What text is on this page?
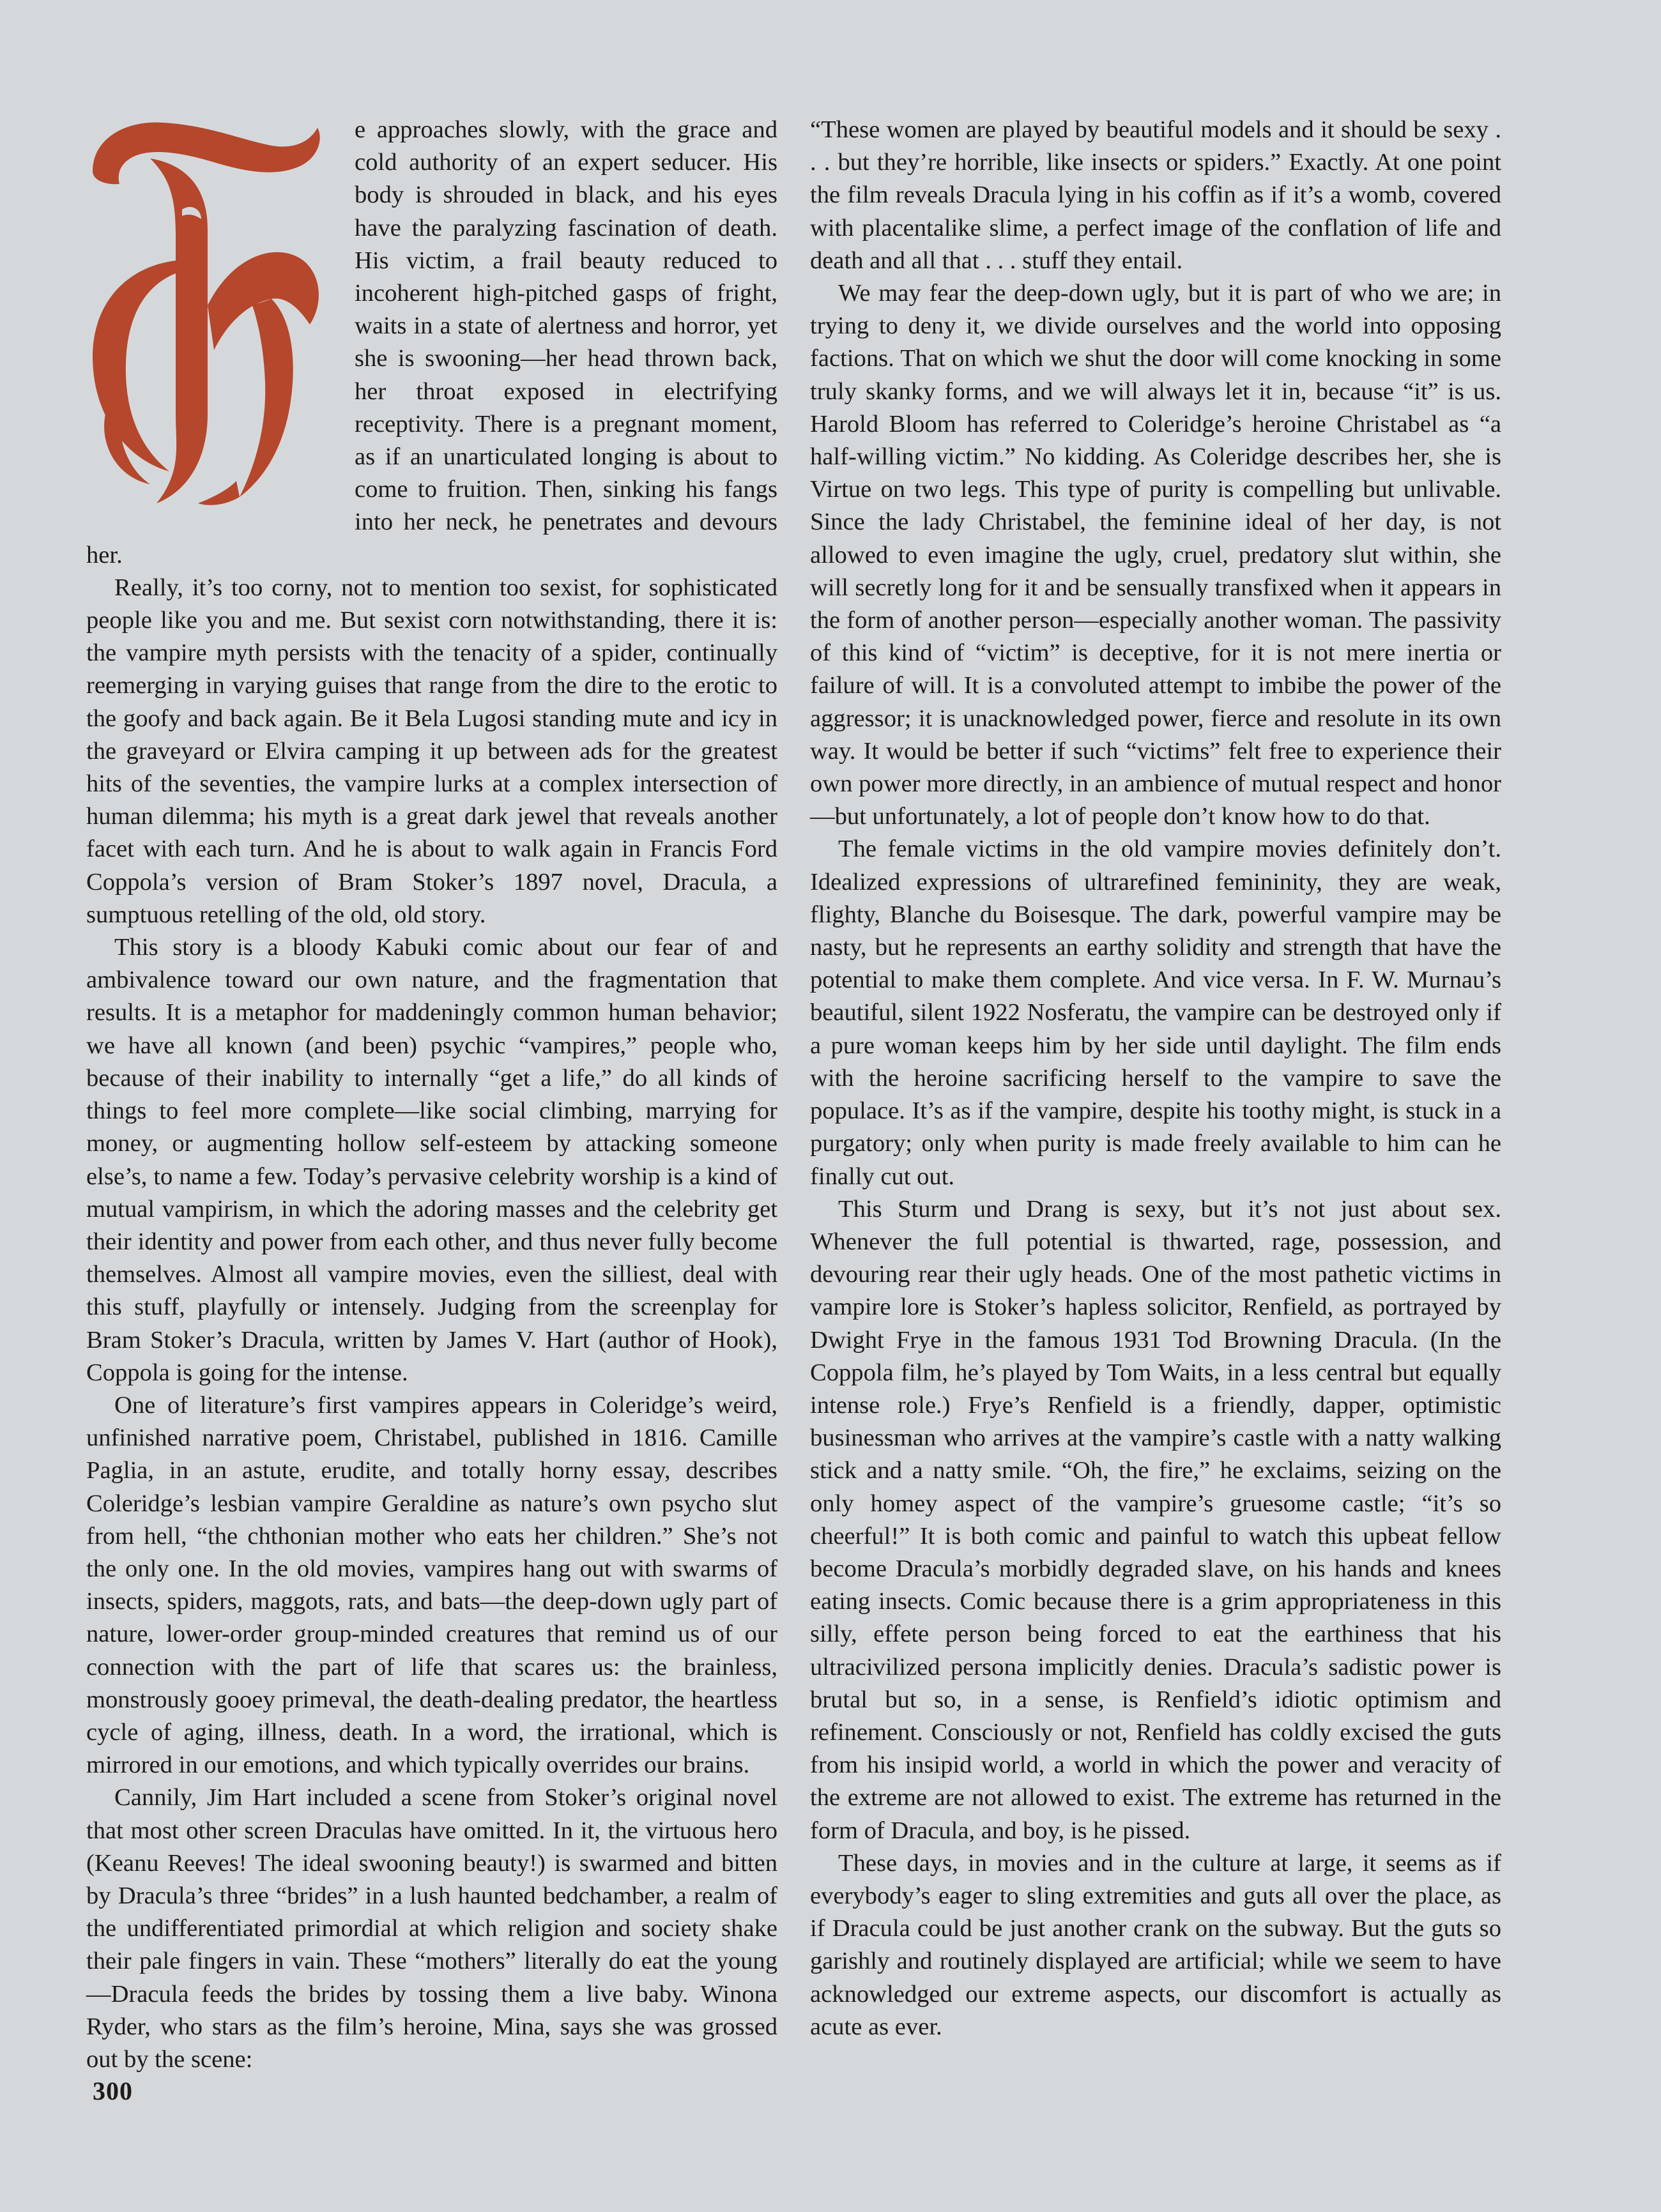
e approaches slowly, with the grace and cold authority of an expert seducer. His body is shrouded in black, and his eyes have the paralyzing fascination of death. His victim, a frail beauty reduced to incoherent high-pitched gasps of fright, waits in a state of alertness and horror, yet she is swooning—her head thrown back, her throat exposed in electrifying receptivity. There is a pregnant moment, as if an unarticulated longing is about to come to fruition. Then, sinking his fangs into her neck, he penetrates and devours her.

Really, it’s too corny, not to mention too sexist, for sophisticated people like you and me. But sexist corn notwithstanding, there it is: the vampire myth persists with the tenacity of a spider, continually reemerging in varying guises that range from the dire to the erotic to the goofy and back again. Be it Bela Lugosi standing mute and icy in the graveyard or Elvira camping it up between ads for the greatest hits of the seventies, the vampire lurks at a complex intersection of human dilemma; his myth is a great dark jewel that reveals another facet with each turn. And he is about to walk again in Francis Ford Coppola’s version of Bram Stoker’s 1897 novel, Dracula, a sumptuous retelling of the old, old story.

This story is a bloody Kabuki comic about our fear of and ambivalence toward our own nature, and the fragmentation that results. It is a metaphor for maddeningly common human behavior; we have all known (and been) psychic “vampires,” people who, because of their inability to internally “get a life,” do all kinds of things to feel more complete—like social climbing, marrying for money, or augmenting hollow self-esteem by attacking someone else’s, to name a few. Today’s pervasive celebrity worship is a kind of mutual vampirism, in which the adoring masses and the celebrity get their identity and power from each other, and thus never fully become themselves. Almost all vampire movies, even the silliest, deal with this stuff, playfully or intensely. Judging from the screenplay for Bram Stoker’s Dracula, written by James V. Hart (author of Hook), Coppola is going for the intense.

One of literature’s first vampires appears in Coleridge’s weird, unfinished narrative poem, Christabel, published in 1816. Camille Paglia, in an astute, erudite, and totally horny essay, describes Coleridge’s lesbian vampire Geraldine as nature’s own psycho slut from hell, “the chthonian mother who eats her children.” She’s not the only one. In the old movies, vampires hang out with swarms of insects, spiders, maggots, rats, and bats—the deep-down ugly part of nature, lower-order group-minded creatures that remind us of our connection with the part of life that scares us: the brainless, monstrously gooey primeval, the death-dealing predator, the heartless cycle of aging, illness, death. In a word, the irrational, which is mirrored in our emotions, and which typically overrides our brains.

Cannily, Jim Hart included a scene from Stoker’s original novel that most other screen Draculas have omitted. In it, the virtuous hero (Keanu Reeves! The ideal swooning beauty!) is swarmed and bitten by Dracula’s three “brides” in a lush haunted bedchamber, a realm of the undifferentiated primordial at which religion and society shake their pale fingers in vain. These “mothers” literally do eat the young—Dracula feeds the brides by tossing them a live baby. Winona Ryder, who stars as the film’s heroine, Mina, says she was grossed out by the scene:

“These women are played by beautiful models and it should be sexy . . . but they’re horrible, like insects or spiders.” Exactly. At one point the film reveals Dracula lying in his coffin as if it’s a womb, covered with placentalike slime, a perfect image of the conflation of life and death and all that . . . stuff they entail.

We may fear the deep-down ugly, but it is part of who we are; in trying to deny it, we divide ourselves and the world into opposing factions. That on which we shut the door will come knocking in some truly skanky forms, and we will always let it in, because “it” is us. Harold Bloom has referred to Coleridge’s heroine Christabel as “a half-willing victim.” No kidding. As Coleridge describes her, she is Virtue on two legs. This type of purity is compelling but unlivable. Since the lady Christabel, the feminine ideal of her day, is not allowed to even imagine the ugly, cruel, predatory slut within, she will secretly long for it and be sensually transfixed when it appears in the form of another person—especially another woman. The passivity of this kind of “victim” is deceptive, for it is not mere inertia or failure of will. It is a convoluted attempt to imbibe the power of the aggressor; it is unacknowledged power, fierce and resolute in its own way. It would be better if such “victims” felt free to experience their own power more directly, in an ambience of mutual respect and honor—but unfortunately, a lot of people don’t know how to do that.

The female victims in the old vampire movies definitely don’t. Idealized expressions of ultrarefined femininity, they are weak, flighty, Blanche du Boisesque. The dark, powerful vampire may be nasty, but he represents an earthy solidity and strength that have the potential to make them complete. And vice versa. In F. W. Murnau’s beautiful, silent 1922 Nosferatu, the vampire can be destroyed only if a pure woman keeps him by her side until daylight. The film ends with the heroine sacrificing herself to the vampire to save the populace. It’s as if the vampire, despite his toothy might, is stuck in a purgatory; only when purity is made freely available to him can he finally cut out.

This Sturm und Drang is sexy, but it’s not just about sex. Whenever the full potential is thwarted, rage, possession, and devouring rear their ugly heads. One of the most pathetic victims in vampire lore is Stoker’s hapless solicitor, Renfield, as portrayed by Dwight Frye in the famous 1931 Tod Browning Dracula. (In the Coppola film, he’s played by Tom Waits, in a less central but equally intense role.) Frye’s Renfield is a friendly, dapper, optimistic businessman who arrives at the vampire’s castle with a natty walking stick and a natty smile. “Oh, the fire,” he exclaims, seizing on the only homey aspect of the vampire’s gruesome castle; “it’s so cheerful!” It is both comic and painful to watch this upbeat fellow become Dracula’s morbidly degraded slave, on his hands and knees eating insects. Comic because there is a grim appropriateness in this silly, effete person being forced to eat the earthiness that his ultracivilized persona implicitly denies. Dracula’s sadistic power is brutal but so, in a sense, is Renfield’s idiotic optimism and refinement. Consciously or not, Renfield has coldly excised the guts from his insipid world, a world in which the power and veracity of the extreme are not allowed to exist. The extreme has returned in the form of Dracula, and boy, is he pissed.

These days, in movies and in the culture at large, it seems as if everybody’s eager to sling extremities and guts all over the place, as if Dracula could be just another crank on the subway. But the guts so garishly and routinely displayed are artificial; while we seem to have acknowledged our extreme aspects, our discomfort is actually as acute as ever.

300
